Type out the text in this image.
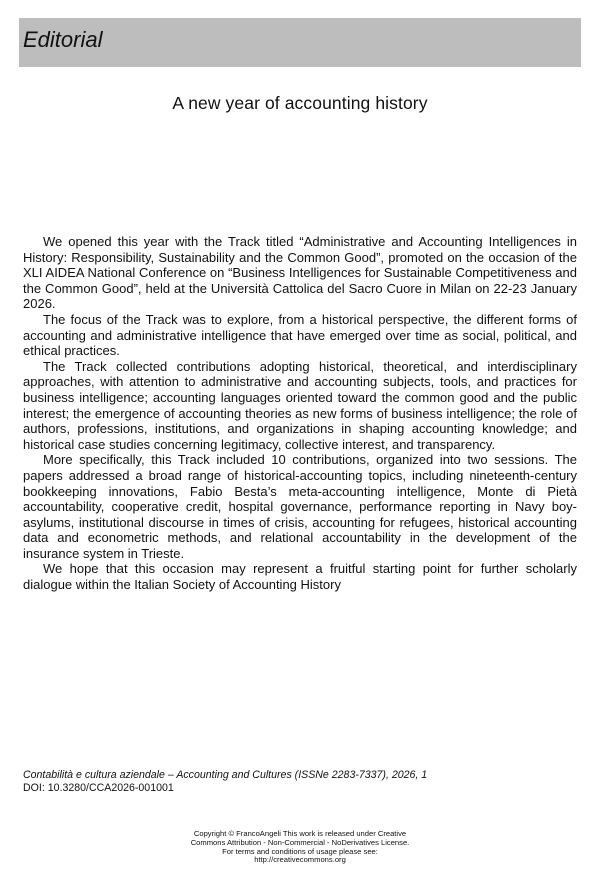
Editorial
A new year of accounting history

We opened this year with the Track titled “Administrative and Accounting Intelligences in History: Responsibility, Sustainability and the Common Good”, promoted on the occasion of the XLI AIDEA National Conference on “Business Intelligences for Sustainable Competitiveness and the Common Good”, held at the Università Cattolica del Sacro Cuore in Milan on 22-23 January 2026.

The focus of the Track was to explore, from a historical perspective, the different forms of accounting and administrative intelligence that have emerged over time as social, political, and ethical practices.

The Track collected contributions adopting historical, theoretical, and interdisciplinary approaches, with attention to administrative and accounting subjects, tools, and practices for business intelligence; accounting languages oriented toward the common good and the public interest; the emergence of accounting theories as new forms of business intelligence; the role of authors, professions, institutions, and organizations in shaping accounting knowledge; and historical case studies concerning legitimacy, collective interest, and transparency.

More specifically, this Track included 10 contributions, organized into two sessions. The papers addressed a broad range of historical-accounting topics, including nineteenth-century bookkeeping innovations, Fabio Besta’s meta-accounting intelligence, Monte di Pietà accountability, cooperative credit, hospital governance, performance reporting in Navy boy-asylums, institutional discourse in times of crisis, accounting for refugees, historical accounting data and econometric methods, and relational accountability in the development of the insurance system in Trieste.

We hope that this occasion may represent a fruitful starting point for further scholarly dialogue within the Italian Society of Accounting History

Contabilità e cultura aziendale – Accounting and Cultures (ISSNe 2283-7337), 2026, 1
DOI: 10.3280/CCA2026-001001
Copyright © FrancoAngeli This work is released under Creative
Commons Attribution - Non-Commercial - NoDerivatives License.
For terms and conditions of usage please see:
http://creativecommons.org
